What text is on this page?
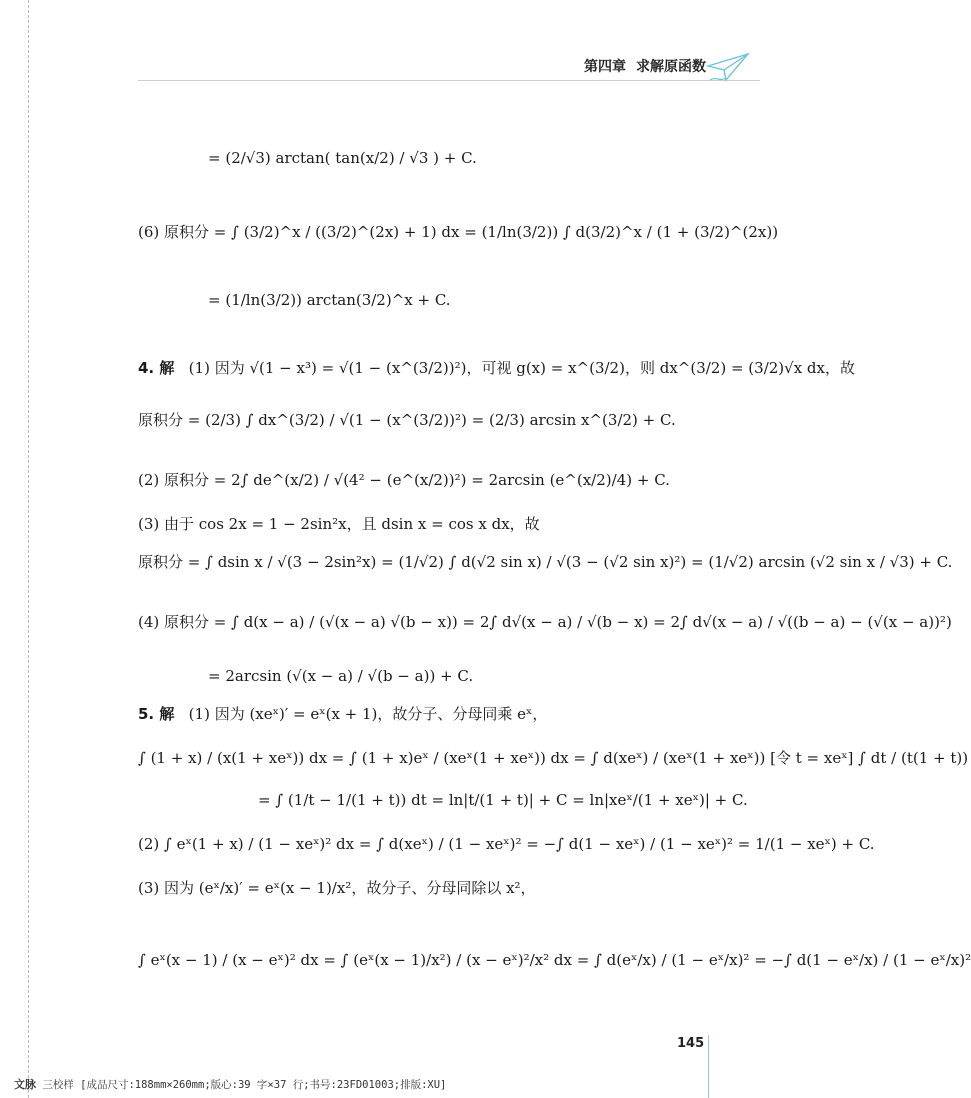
第四章 求解原函数
= (2/√3) arctan( tan(x/2) / √3 ) + C.
(6) 原积分 = ∫ (3/2)^x / ((3/2)^(2x) + 1) dx = (1/ln(3/2)) ∫ d(3/2)^x / (1 + (3/2)^(2x))
= (1/ln(3/2)) arctan(3/2)^x + C.
4. 解 (1) 因为 √(1 − x³) = √(1 − (x^(3/2))²)，可视 g(x) = x^(3/2)，则 dx^(3/2) = (3/2)√x dx，故
原积分 = (2/3) ∫ dx^(3/2) / √(1 − (x^(3/2))²) = (2/3) arcsin x^(3/2) + C.
(2) 原积分 = 2∫ de^(x/2) / √(4² − (e^(x/2))²) = 2arcsin (e^(x/2)/4) + C.
(3) 由于 cos 2x = 1 − 2sin²x，且 dsin x = cos x dx，故
原积分 = ∫ dsin x / √(3 − 2sin²x) = (1/√2) ∫ d(√2 sin x) / √(3 − (√2 sin x)²) = (1/√2) arcsin (√2 sin x / √3) + C.
(4) 原积分 = ∫ d(x − a) / (√(x − a) √(b − x)) = 2∫ d√(x − a) / √(b − x) = 2∫ d√(x − a) / √((b − a) − (√(x − a))²)
= 2arcsin (√(x − a) / √(b − a)) + C.
5. 解 (1) 因为 (xeˣ)′ = eˣ(x + 1)，故分子、分母同乘 eˣ，
∫ (1 + x) / (x(1 + xeˣ)) dx = ∫ (1 + x)eˣ / (xeˣ(1 + xeˣ)) dx = ∫ d(xeˣ) / (xeˣ(1 + xeˣ)) [令 t = xeˣ] ∫ dt / (t(1 + t))
= ∫ (1/t − 1/(1 + t)) dt = ln|t/(1 + t)| + C = ln|xeˣ/(1 + xeˣ)| + C.
(2) ∫ eˣ(1 + x) / (1 − xeˣ)² dx = ∫ d(xeˣ) / (1 − xeˣ)² = −∫ d(1 − xeˣ) / (1 − xeˣ)² = 1/(1 − xeˣ) + C.
(3) 因为 (eˣ/x)′ = eˣ(x − 1)/x²，故分子、分母同除以 x²，
∫ eˣ(x − 1) / (x − eˣ)² dx = ∫ (eˣ(x − 1)/x²) / (x − eˣ)²/x² dx = ∫ d(eˣ/x) / (1 − eˣ/x)² = −∫ d(1 − eˣ/x) / (1 − eˣ/x)²
145
文脉 三校样 [成品尺寸:188mm×260mm;版心:39 字×37 行;书号:23FD01003;排版:XU]
